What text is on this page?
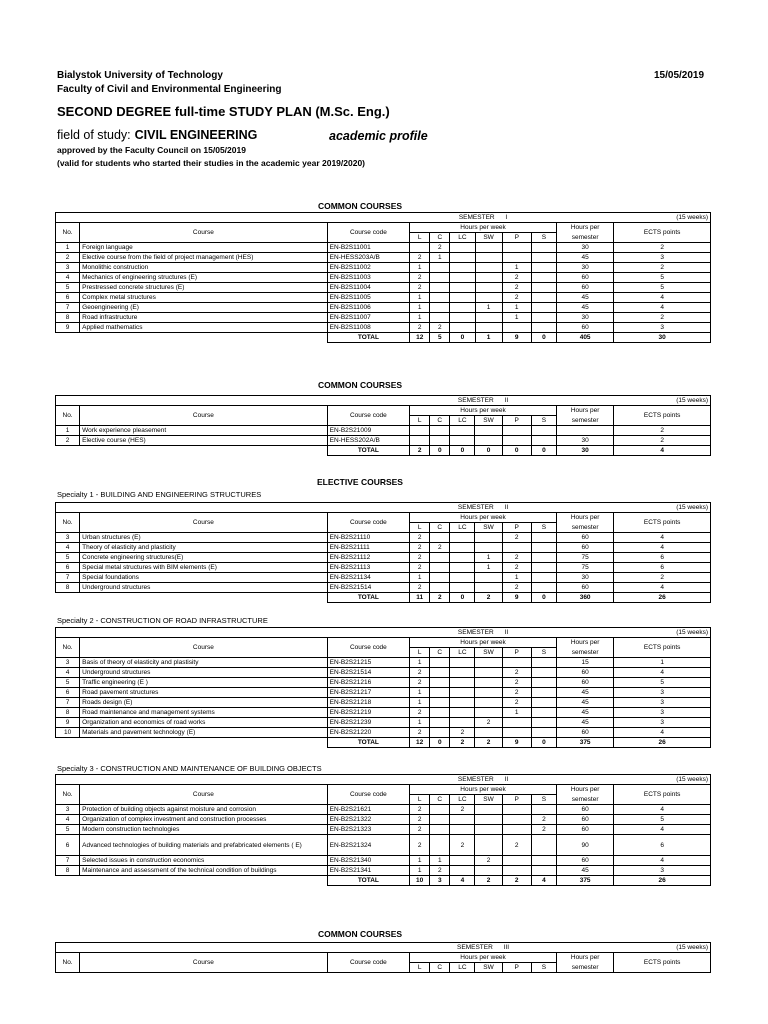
Bialystok University of Technology
Faculty of Civil and Environmental Engineering
15/05/2019
SECOND DEGREE full-time STUDY PLAN (M.Sc. Eng.)
field of study: CIVIL ENGINEERING	academic profile
approved by the Faculty Council on 15/05/2019
(valid for students who started their studies in the academic year 2019/2020)
COMMON COURSES
COMMON COURSES
ELECTIVE COURSES
Specialty 1 - BUILDING AND ENGINEERING STRUCTURES
Specialty 2 - CONSTRUCTION OF ROAD INFRASTRUCTURE
Specialty 3 - CONSTRUCTION AND MAINTENANCE OF BUILDING OBJECTS
COMMON COURSES
			SEMESTER      I							(15 weeks)
No.	Course	Course code	Hours per week						Hours per	ECTS points
			L	C	LC	SW	P	S	semester	
1	Foreign language	EN-B2S11001		2					30	2
2	Elective course from the field of project management (HES)	EN-HESS203A/B	2	1					45	3
3	Monolithic construction	EN-B2S11002	1				1		30	2
4	Mechanics of engineering structures (E)	EN-B2S11003	2				2		60	5
5	Prestressed concrete structures (E)	EN-B2S11004	2				2		60	5
6	Complex metal structures	EN-B2S11005	1				2		45	4
7	Geoengineering (E)	EN-B2S11006	1			1	1		45	4
8	Road infrastructure	EN-B2S11007	1				1		30	2
9	Applied mathematics	EN-B2S11008	2	2					60	3
		TOTAL	12	5	0	1	9	0	405	30
			SEMESTER      II							(15 weeks)
No.	Course	Course code	Hours per week						Hours per	ECTS points
			L	C	LC	SW	P	S	semester	
1	Work experience pleasement	EN-B2S21009								2
2	Elective course (HES)	EN-HESS202A/B							30	2
		TOTAL	2	0	0	0	0	0	30	4
			SEMESTER      II							(15 weeks)
No.	Course	Course code	Hours per week						Hours per	ECTS points
			L	C	LC	SW	P	S	semester	
3	Urban structures (E)	EN-B2S21110	2				2		60	4
4	Theory of elasticity and plasticity	EN-B2S21111	2	2					60	4
5	Concrete engineering structures(E)	EN-B2S21112	2			1	2		75	6
6	Special metal structures with BIM elements (E)	EN-B2S21113	2			1	2		75	6
7	Special foundations	EN-B2S21134	1				1		30	2
8	Underground structures	EN-B2S21514	2				2		60	4
		TOTAL	11	2	0	2	9	0	360	26
			SEMESTER      II							(15 weeks)
No.	Course	Course code	Hours per week						Hours per	ECTS points
			L	C	LC	SW	P	S	semester	
3	Basis of theory of elasticity and plastisity	EN-B2S21215	1						15	1
4	Underground structures	EN-B2S21514	2				2		60	4
5	Traffic engineering (E )	EN-B2S21216	2				2		60	5
6	Road pavement structures	EN-B2S21217	1				2		45	3
7	Roads design (E)	EN-B2S21218	1				2		45	3
8	Road maintenance and management systems	EN-B2S21219	2				1		45	3
9	Organization and economics of road works	EN-B2S21239	1			2			45	3
10	Materials and pavement technology (E)	EN-B2S21220	2		2				60	4
		TOTAL	12	0	2	2	9	0	375	26
			SEMESTER      II							(15 weeks)
No.	Course	Course code	Hours per week						Hours per	ECTS points
			L	C	LC	SW	P	S	semester	
3	Protection of building objects against moisture and corrosion	EN-B2S21621	2		2				60	4
4	Organization of complex investment and construction processes	EN-B2S21322	2					2	60	5
5	Modern construction technologies	EN-B2S21323	2					2	60	4
6	Advanced technologies of building materials and prefabricated elements ( E)	EN-B2S21324	2		2		2		90	6
7	Selected issues in construction economics	EN-B2S21340	1	1		2			60	4
8	Maintenance and assessment of the technical condition of buildings	EN-B2S21341	1	2					45	3
		TOTAL	10	3	4	2	2	4	375	26
			SEMESTER      III							(15 weeks)
No.	Course	Course code	Hours per week						Hours per	ECTS points
			L	C	LC	SW	P	S	semester	
